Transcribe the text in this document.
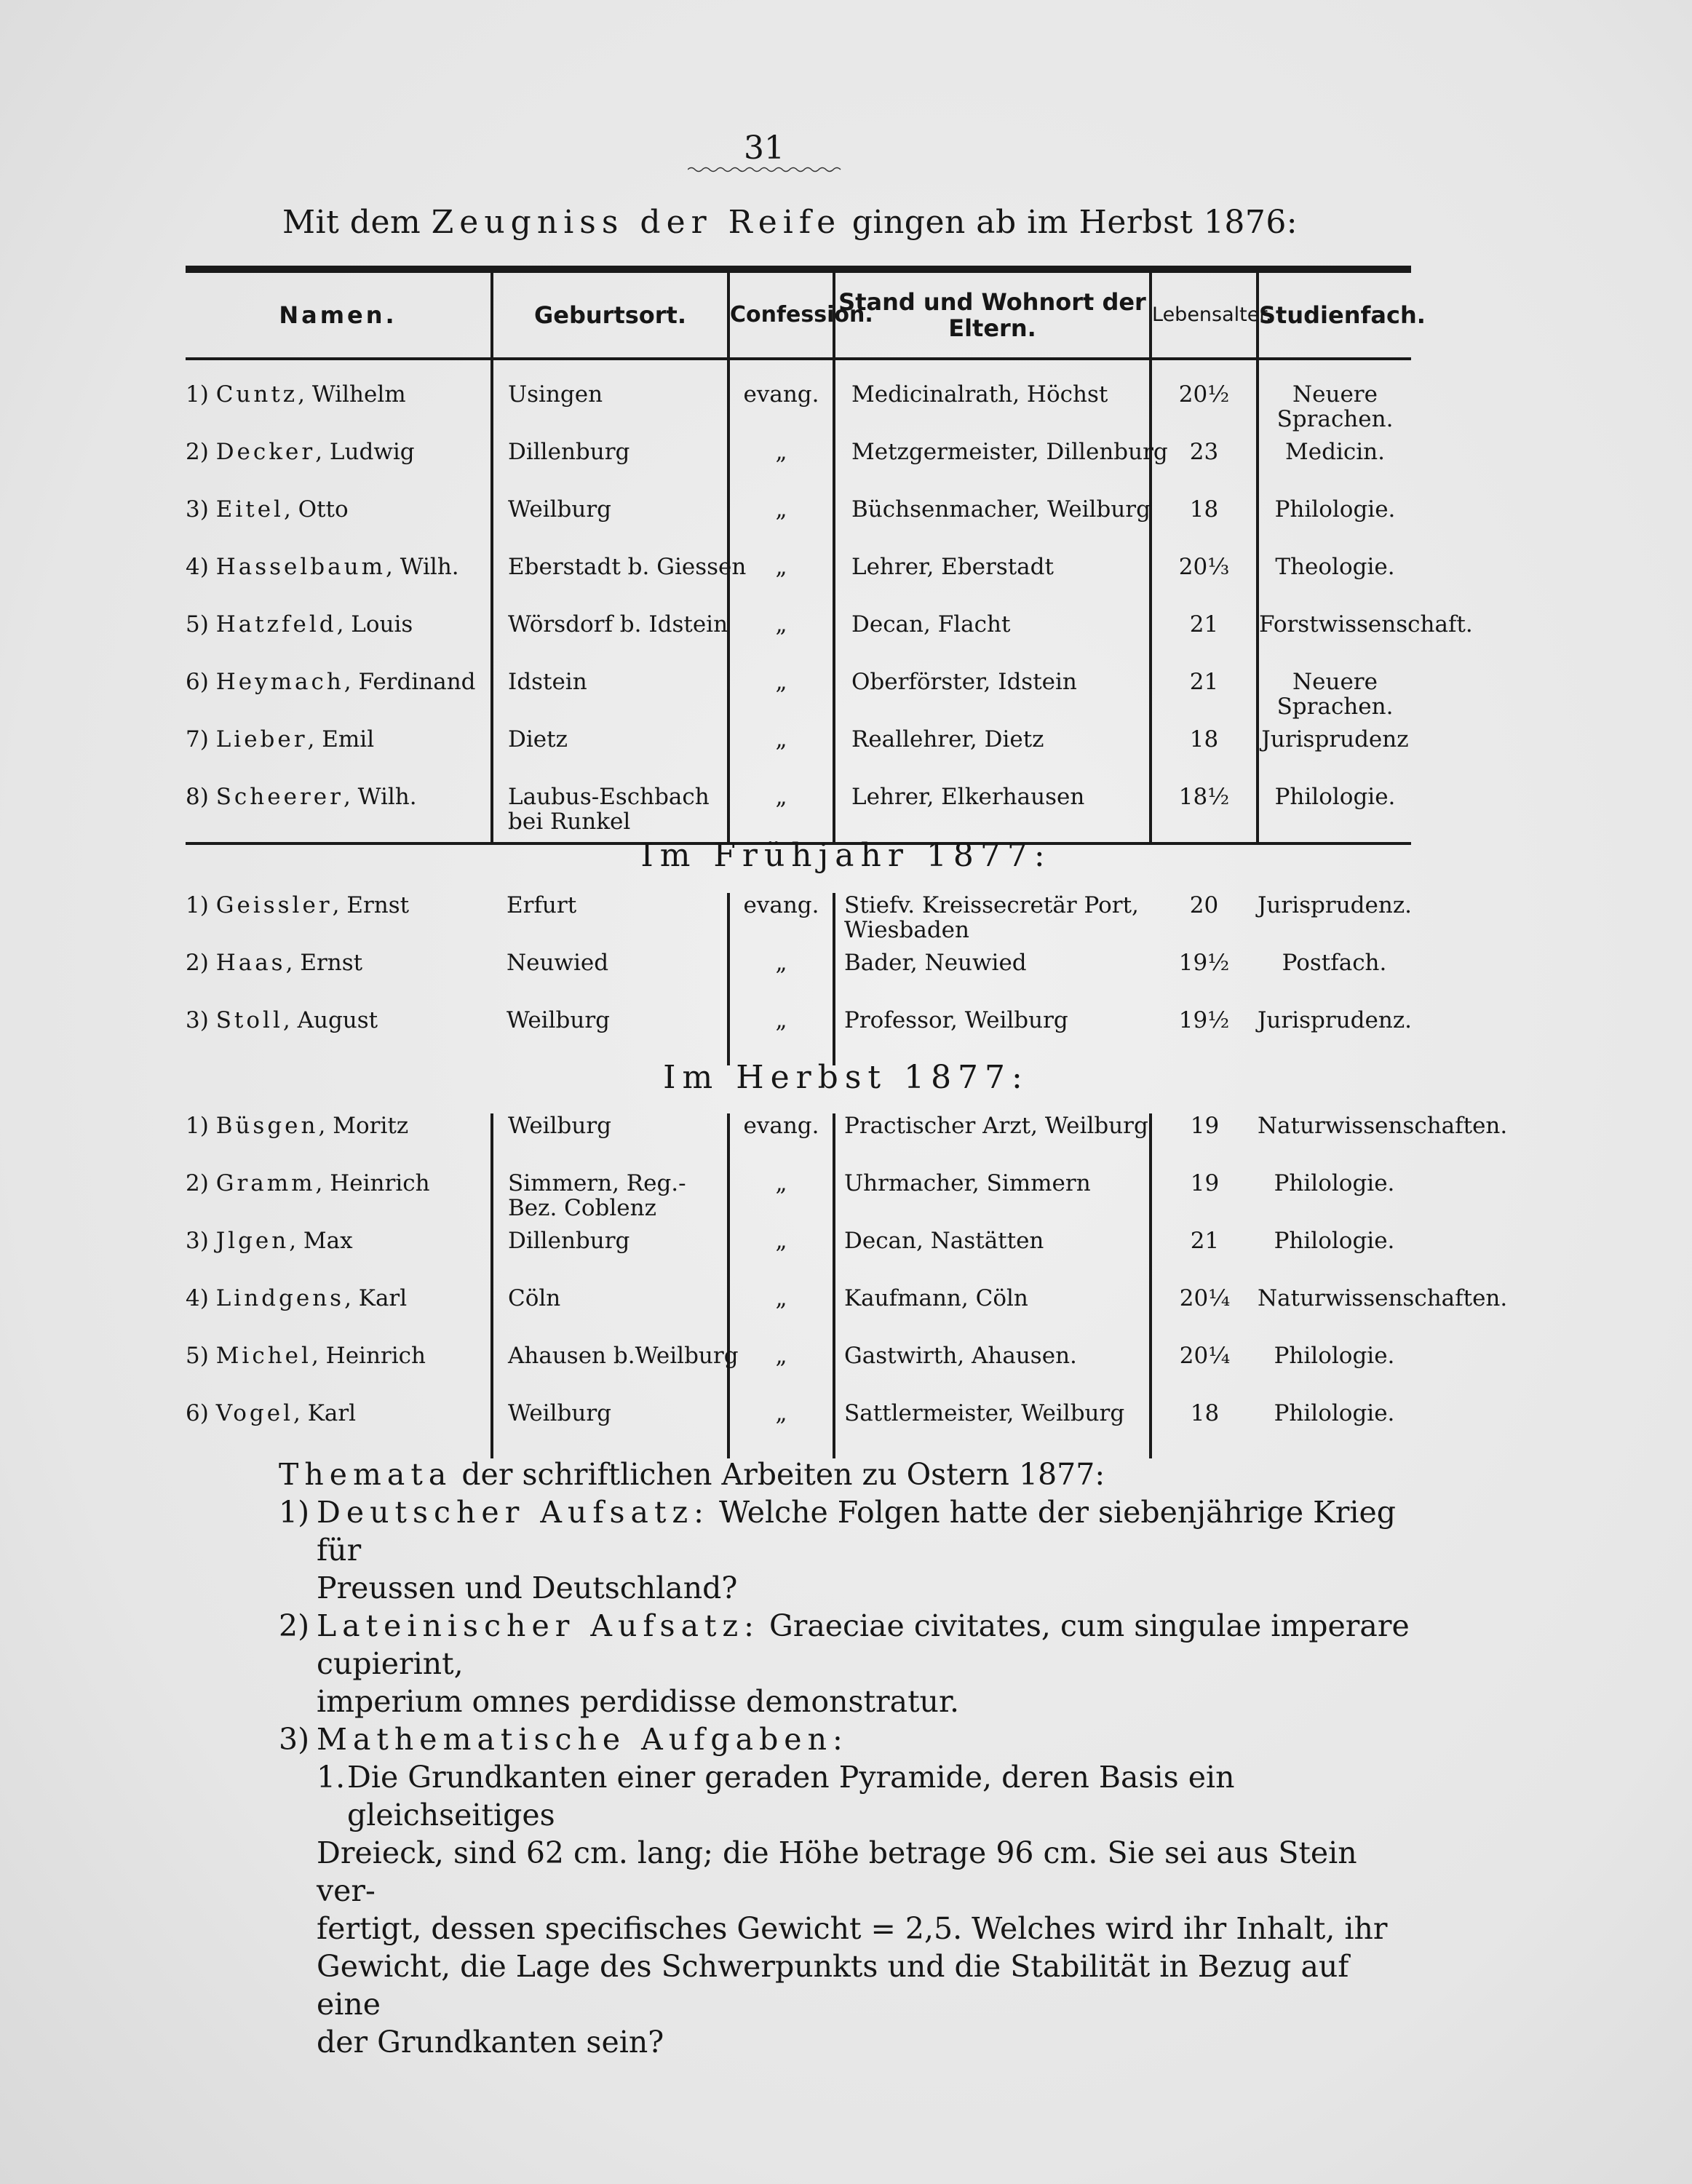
31
Mit dem Zeugniss der Reife gingen ab im Herbst 1876:
Namen.	Geburtsort.	Confession.	Stand und Wohnort der Eltern.	Lebensalter.	Studienfach.
1) Cuntz, Wilhelm	Usingen	evang.	Medicinalrath, Höchst	20½	Neuere Sprachen.
2) Decker, Ludwig	Dillenburg	„	Metzgermeister, Dillenburg	23	Medicin.
3) Eitel, Otto	Weilburg	„	Büchsenmacher, Weilburg	18	Philologie.
4) Hasselbaum, Wilh.	Eberstadt b. Giessen	„	Lehrer, Eberstadt	20⅓	Theologie.
5) Hatzfeld, Louis	Wörsdorf b. Idstein	„	Decan, Flacht	21	Forstwissenschaft.
6) Heymach, Ferdinand	Idstein	„	Oberförster, Idstein	21	Neuere Sprachen.
7) Lieber, Emil	Dietz	„	Reallehrer, Dietz	18	Jurisprudenz
8) Scheerer, Wilh.	Laubus-Eschbach bei Runkel	„	Lehrer, Elkerhausen	18½	Philologie.
Im Frühjahr 1877:
1) Geissler, Ernst	Erfurt	evang.	Stiefv. Kreissecretär Port, Wiesbaden	20	Jurisprudenz.
2) Haas, Ernst	Neuwied	„	Bader, Neuwied	19½	Postfach.
3) Stoll, August	Weilburg	„	Professor, Weilburg	19½	Jurisprudenz.
Im Herbst 1877:
1) Büsgen, Moritz	Weilburg	evang.	Practischer Arzt, Weilburg	19	Naturwissenschaften.
2) Gramm, Heinrich	Simmern, Reg.-Bez. Coblenz	„	Uhrmacher, Simmern	19	Philologie.
3) Jlgen, Max	Dillenburg	„	Decan, Nastätten	21	Philologie.
4) Lindgens, Karl	Cöln	„	Kaufmann, Cöln	20¼	Naturwissenschaften.
5) Michel, Heinrich	Ahausen b.Weilburg	„	Gastwirth, Ahausen.	20¼	Philologie.
6) Vogel, Karl	Weilburg	„	Sattlermeister, Weilburg	18	Philologie.
Themata der schriftlichen Arbeiten zu Ostern 1877:
1) Deutscher Aufsatz: Welche Folgen hatte der siebenjährige Krieg für
Preussen und Deutschland?
2) Lateinischer Aufsatz: Graeciae civitates, cum singulae imperare cupierint,
imperium omnes perdidisse demonstratur.
3) Mathematische Aufgaben:
1. Die Grundkanten einer geraden Pyramide, deren Basis ein gleichseitiges
Dreieck, sind 62 cm. lang; die Höhe betrage 96 cm. Sie sei aus Stein ver-
fertigt, dessen specifisches Gewicht = 2,5. Welches wird ihr Inhalt, ihr
Gewicht, die Lage des Schwerpunkts und die Stabilität in Bezug auf eine
der Grundkanten sein?
